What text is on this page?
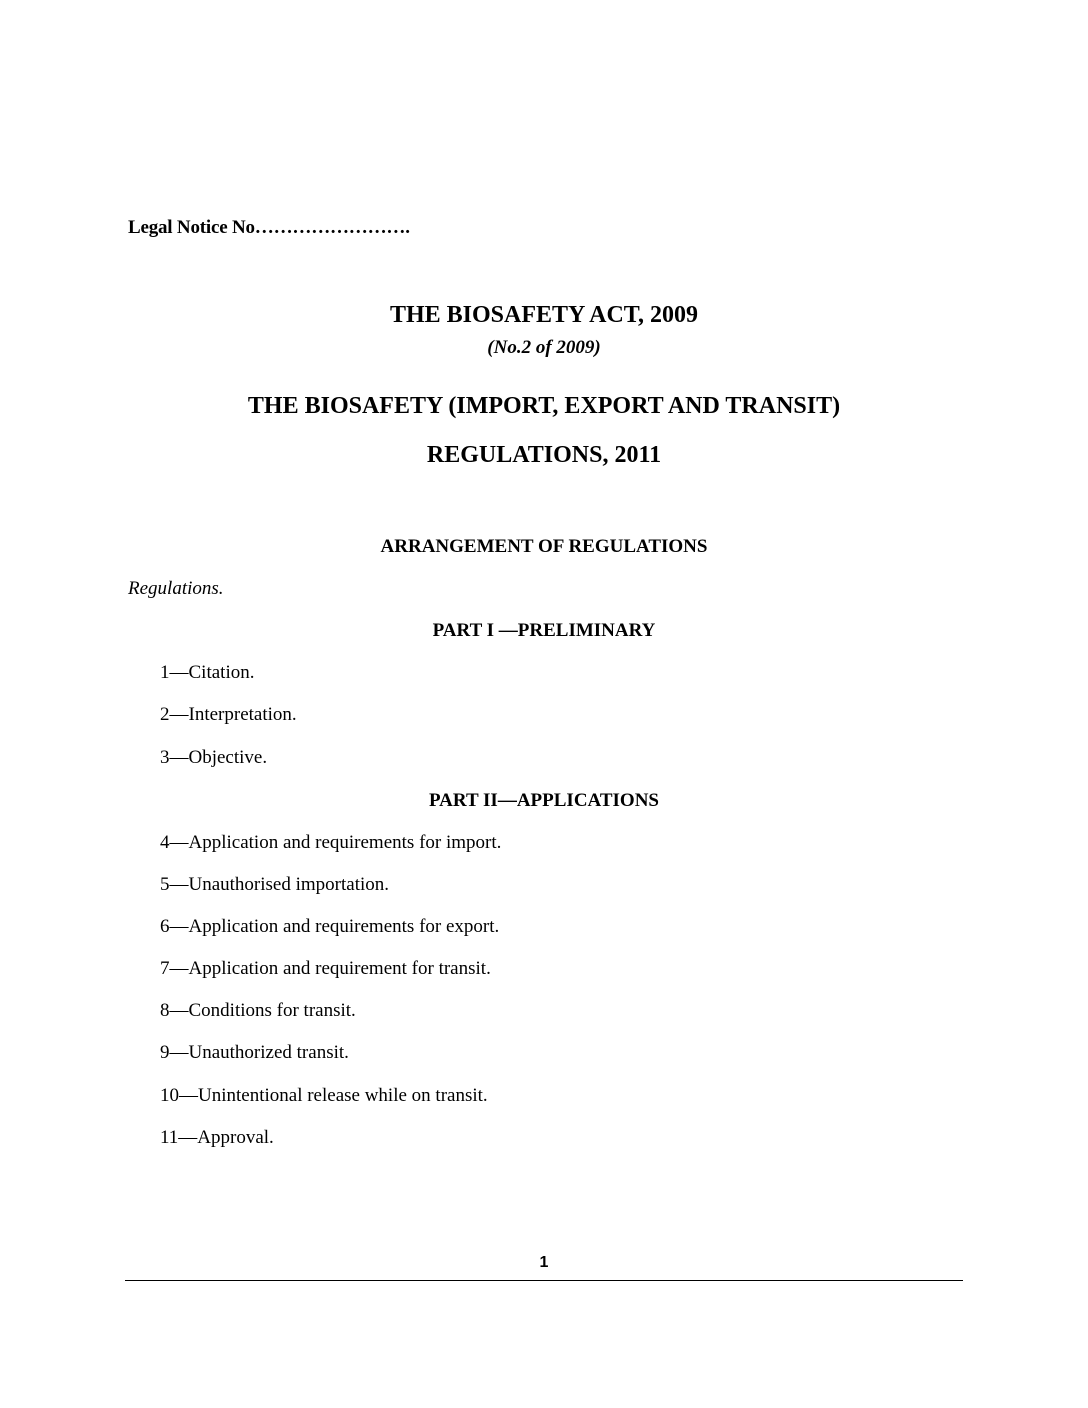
Legal Notice No…………………….
THE BIOSAFETY ACT, 2009
(No.2 of 2009)
THE BIOSAFETY (IMPORT, EXPORT AND TRANSIT)
REGULATIONS, 2011
ARRANGEMENT OF REGULATIONS
Regulations.
PART I —PRELIMINARY
1—Citation.
2—Interpretation.
3—Objective.
PART II—APPLICATIONS
4—Application and requirements for import.
5—Unauthorised importation.
6—Application and requirements for export.
7—Application and requirement for transit.
8—Conditions for transit.
9—Unauthorized transit.
10—Unintentional release while on transit.
11—Approval.
1
